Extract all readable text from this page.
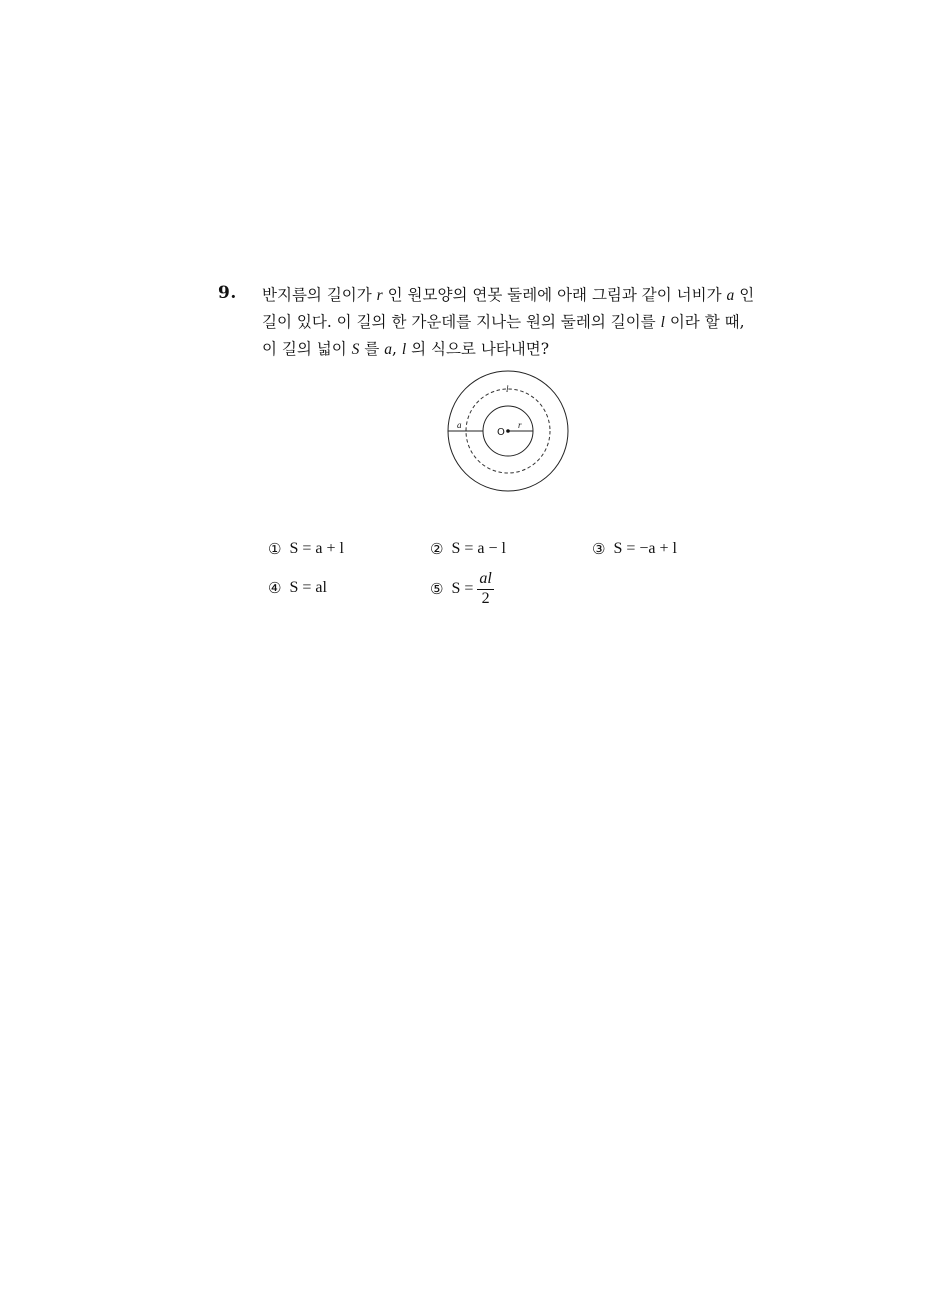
9. 반지름의 길이가 r 인 원모양의 연못 둘레에 아래 그림과 같이 너비가 a 인
길이 있다. 이 길의 한 가운데를 지나는 원의 둘레의 길이를 l 이라 할 때,
이 길의 넓이 S 를 a, l 의 식으로 나타내면?
O
r
a
l
① S = a + l	② S = a − l	③ S = −a + l
④ S = al	⑤ $S = \frac{al}{2}$
